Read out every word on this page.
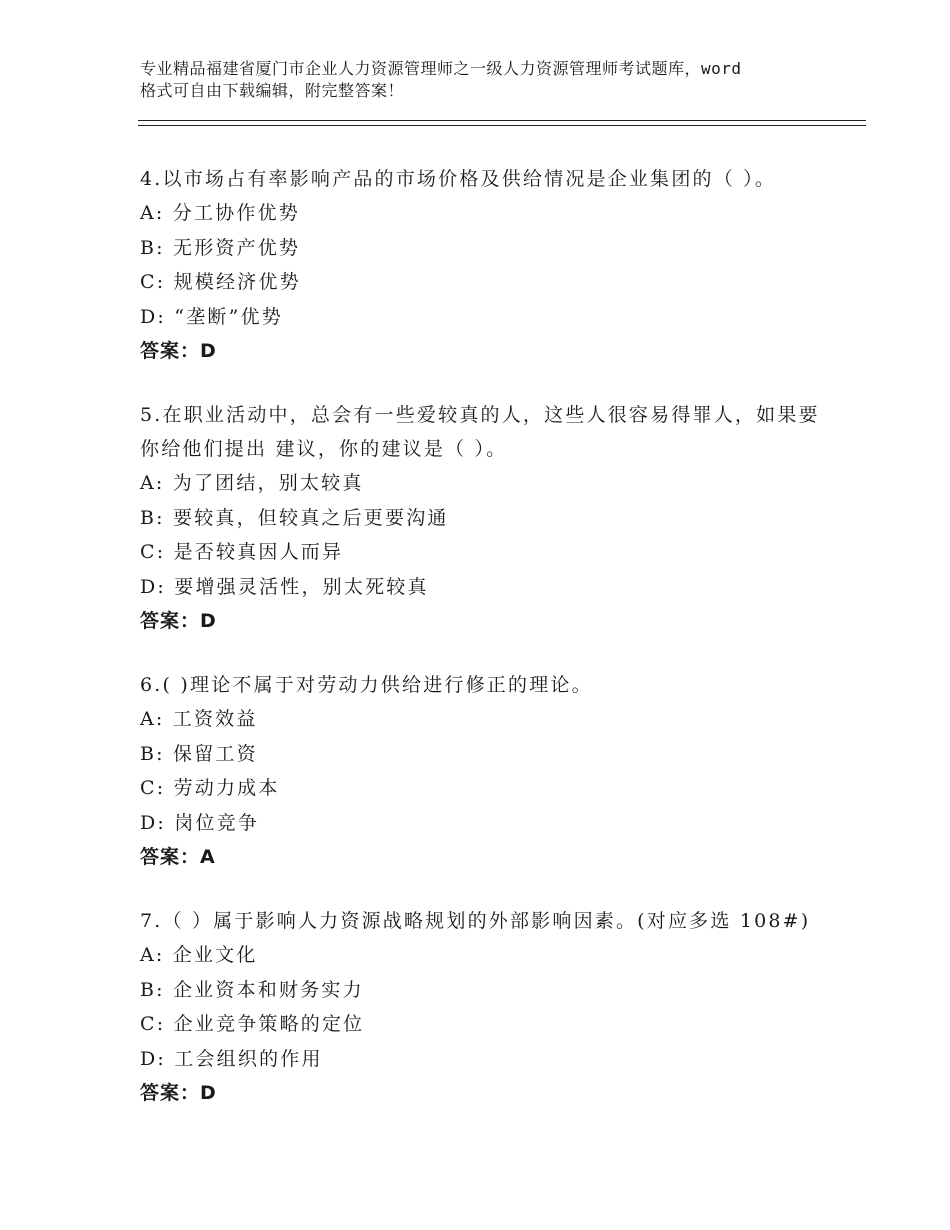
专业精品福建省厦门市企业人力资源管理师之一级人力资源管理师考试题库，word
格式可自由下载编辑，附完整答案！
4.以市场占有率影响产品的市场价格及供给情况是企业集团的（ ）。
A: 分工协作优势
B: 无形资产优势
C: 规模经济优势
D: “垄断”优势
答案：D
5.在职业活动中，总会有一些爱较真的人，这些人很容易得罪人，如果要你给他们提出 建议，你的建议是（ ）。
A: 为了团结，别太较真
B: 要较真，但较真之后更要沟通
C: 是否较真因人而异
D: 要增强灵活性，别太死较真
答案：D
6.( )理论不属于对劳动力供给进行修正的理论。
A: 工资效益
B: 保留工资
C: 劳动力成本
D: 岗位竞争
答案：A
7.（ ）属于影响人力资源战略规划的外部影响因素。(对应多选 108#)
A: 企业文化
B: 企业资本和财务实力
C: 企业竞争策略的定位
D: 工会组织的作用
答案：D
